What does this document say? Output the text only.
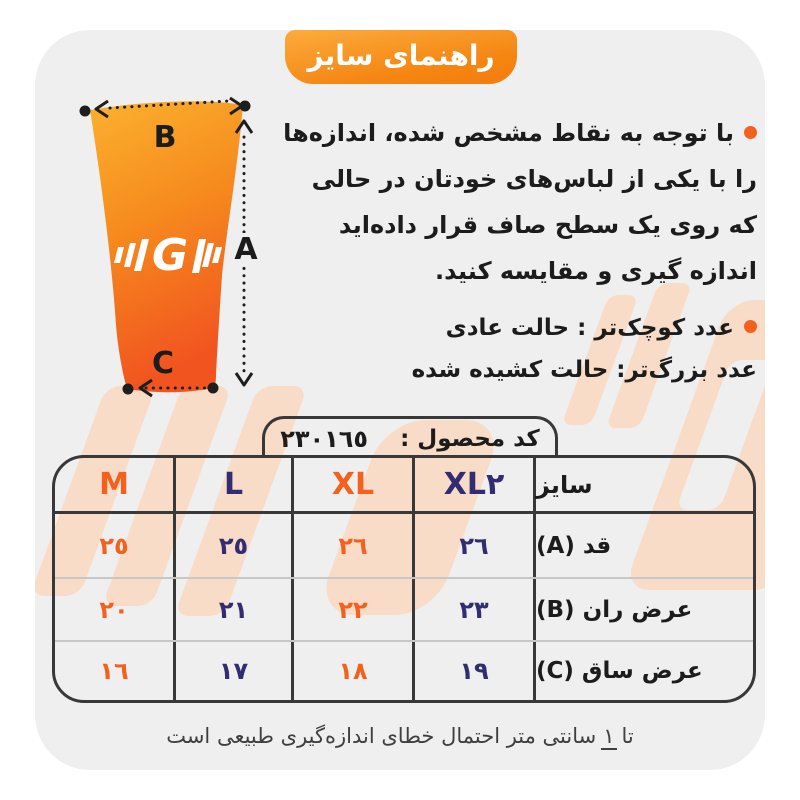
راهنمای سایز
G
B
A
C
با توجه به نقاط مشخص شده، اندازه‌ها
را با یکی از لباس‌های خودتان در حالی
که روی یک سطح صاف قرار داده‌اید
اندازه گیری و مقایسه کنید.
عدد کوچک‌تر : حالت عادی
عدد بزرگ‌تر: حالت کشیده شده
کد محصول :
٢٣٠١٦٥
M	L	XL XL٢ سایز
٢٥	٢٥	٢٦	٢٦ قد (A)
٢٠	٢١	٢٢	٢٣ عرض ران (B)
١٦	١٧	١٨	١٩ عرض ساق (C)
تا١سانتی متر احتمال خطای اندازه‌گیری طبیعی است
